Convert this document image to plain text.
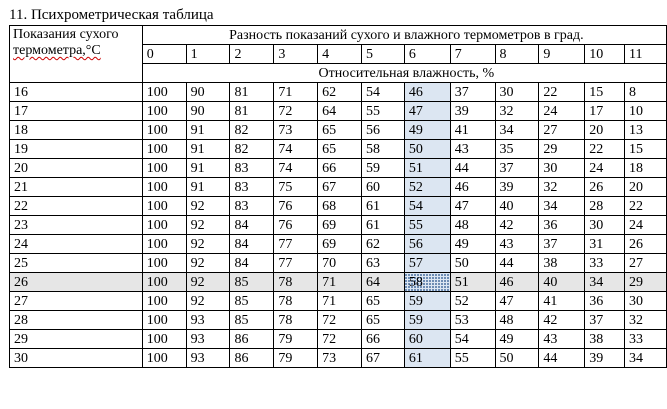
11. Психрометрическая таблица
Показания сухого
термометра,°С	Разность показаний сухого и влажного термометров в град.											
	0	1	2	3	4	5	6	7	8	9	10	11
	Относительная влажность, %											
16	100	90	81	71	62	54	46	37	30	22	15	8
17	100	90	81	72	64	55	47	39	32	24	17	10
18	100	91	82	73	65	56	49	41	34	27	20	13
19	100	91	82	74	65	58	50	43	35	29	22	15
20	100	91	83	74	66	59	51	44	37	30	24	18
21	100	91	83	75	67	60	52	46	39	32	26	20
22	100	92	83	76	68	61	54	47	40	34	28	22
23	100	92	84	76	69	61	55	48	42	36	30	24
24	100	92	84	77	69	62	56	49	43	37	31	26
25	100	92	84	77	70	63	57	50	44	38	33	27
26	100	92	85	78	71	64	58	51	46	40	34	29
27	100	92	85	78	71	65	59	52	47	41	36	30
28	100	93	85	78	72	65	59	53	48	42	37	32
29	100	93	86	79	72	66	60	54	49	43	38	33
30	100	93	86	79	73	67	61	55	50	44	39	34
